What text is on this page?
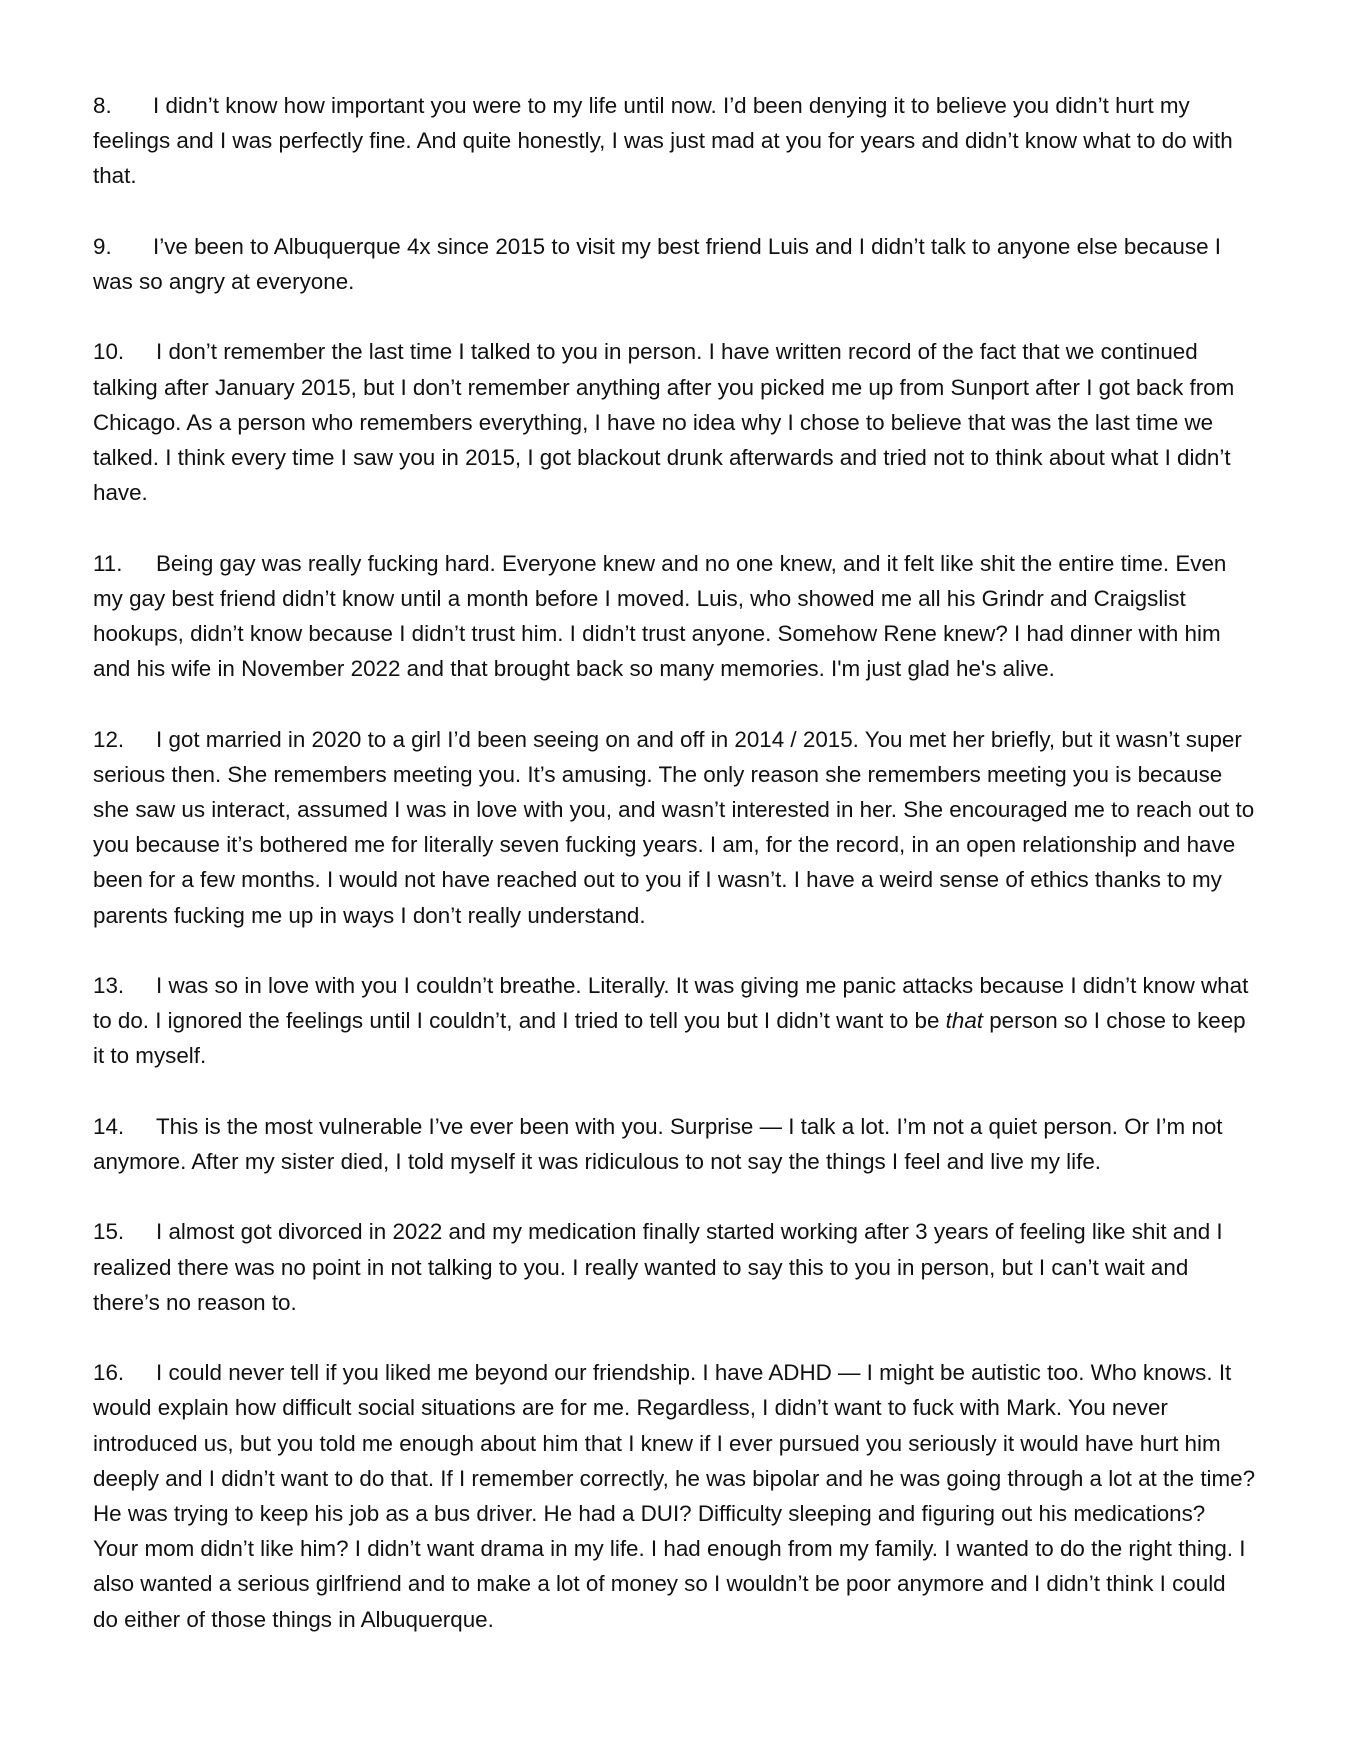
8. I didn’t know how important you were to my life until now. I’d been denying it to believe you didn’t hurt my feelings and I was perfectly fine. And quite honestly, I was just mad at you for years and didn’t know what to do with that.

9. I’ve been to Albuquerque 4x since 2015 to visit my best friend Luis and I didn’t talk to anyone else because I was so angry at everyone.

10. I don’t remember the last time I talked to you in person. I have written record of the fact that we continued talking after January 2015, but I don’t remember anything after you picked me up from Sunport after I got back from Chicago. As a person who remembers everything, I have no idea why I chose to believe that was the last time we talked. I think every time I saw you in 2015, I got blackout drunk afterwards and tried not to think about what I didn’t have.

11. Being gay was really fucking hard. Everyone knew and no one knew, and it felt like shit the entire time. Even my gay best friend didn’t know until a month before I moved. Luis, who showed me all his Grindr and Craigslist hookups, didn’t know because I didn’t trust him. I didn’t trust anyone. Somehow Rene knew? I had dinner with him and his wife in November 2022 and that brought back so many memories. I'm just glad he's alive.

12. I got married in 2020 to a girl I’d been seeing on and off in 2014 / 2015. You met her briefly, but it wasn’t super serious then. She remembers meeting you. It’s amusing. The only reason she remembers meeting you is because she saw us interact, assumed I was in love with you, and wasn’t interested in her. She encouraged me to reach out to you because it’s bothered me for literally seven fucking years. I am, for the record, in an open relationship and have been for a few months. I would not have reached out to you if I wasn’t. I have a weird sense of ethics thanks to my parents fucking me up in ways I don’t really understand.

13. I was so in love with you I couldn’t breathe. Literally. It was giving me panic attacks because I didn’t know what to do. I ignored the feelings until I couldn’t, and I tried to tell you but I didn’t want to be that person so I chose to keep it to myself.

14. This is the most vulnerable I’ve ever been with you. Surprise — I talk a lot. I’m not a quiet person. Or I’m not anymore. After my sister died, I told myself it was ridiculous to not say the things I feel and live my life.

15. I almost got divorced in 2022 and my medication finally started working after 3 years of feeling like shit and I realized there was no point in not talking to you. I really wanted to say this to you in person, but I can’t wait and there’s no reason to.

16. I could never tell if you liked me beyond our friendship. I have ADHD — I might be autistic too. Who knows. It would explain how difficult social situations are for me. Regardless, I didn’t want to fuck with Mark. You never introduced us, but you told me enough about him that I knew if I ever pursued you seriously it would have hurt him deeply and I didn’t want to do that. If I remember correctly, he was bipolar and he was going through a lot at the time? He was trying to keep his job as a bus driver. He had a DUI? Difficulty sleeping and figuring out his medications? Your mom didn’t like him? I didn’t want drama in my life. I had enough from my family. I wanted to do the right thing. I also wanted a serious girlfriend and to make a lot of money so I wouldn’t be poor anymore and I didn’t think I could do either of those things in Albuquerque.
